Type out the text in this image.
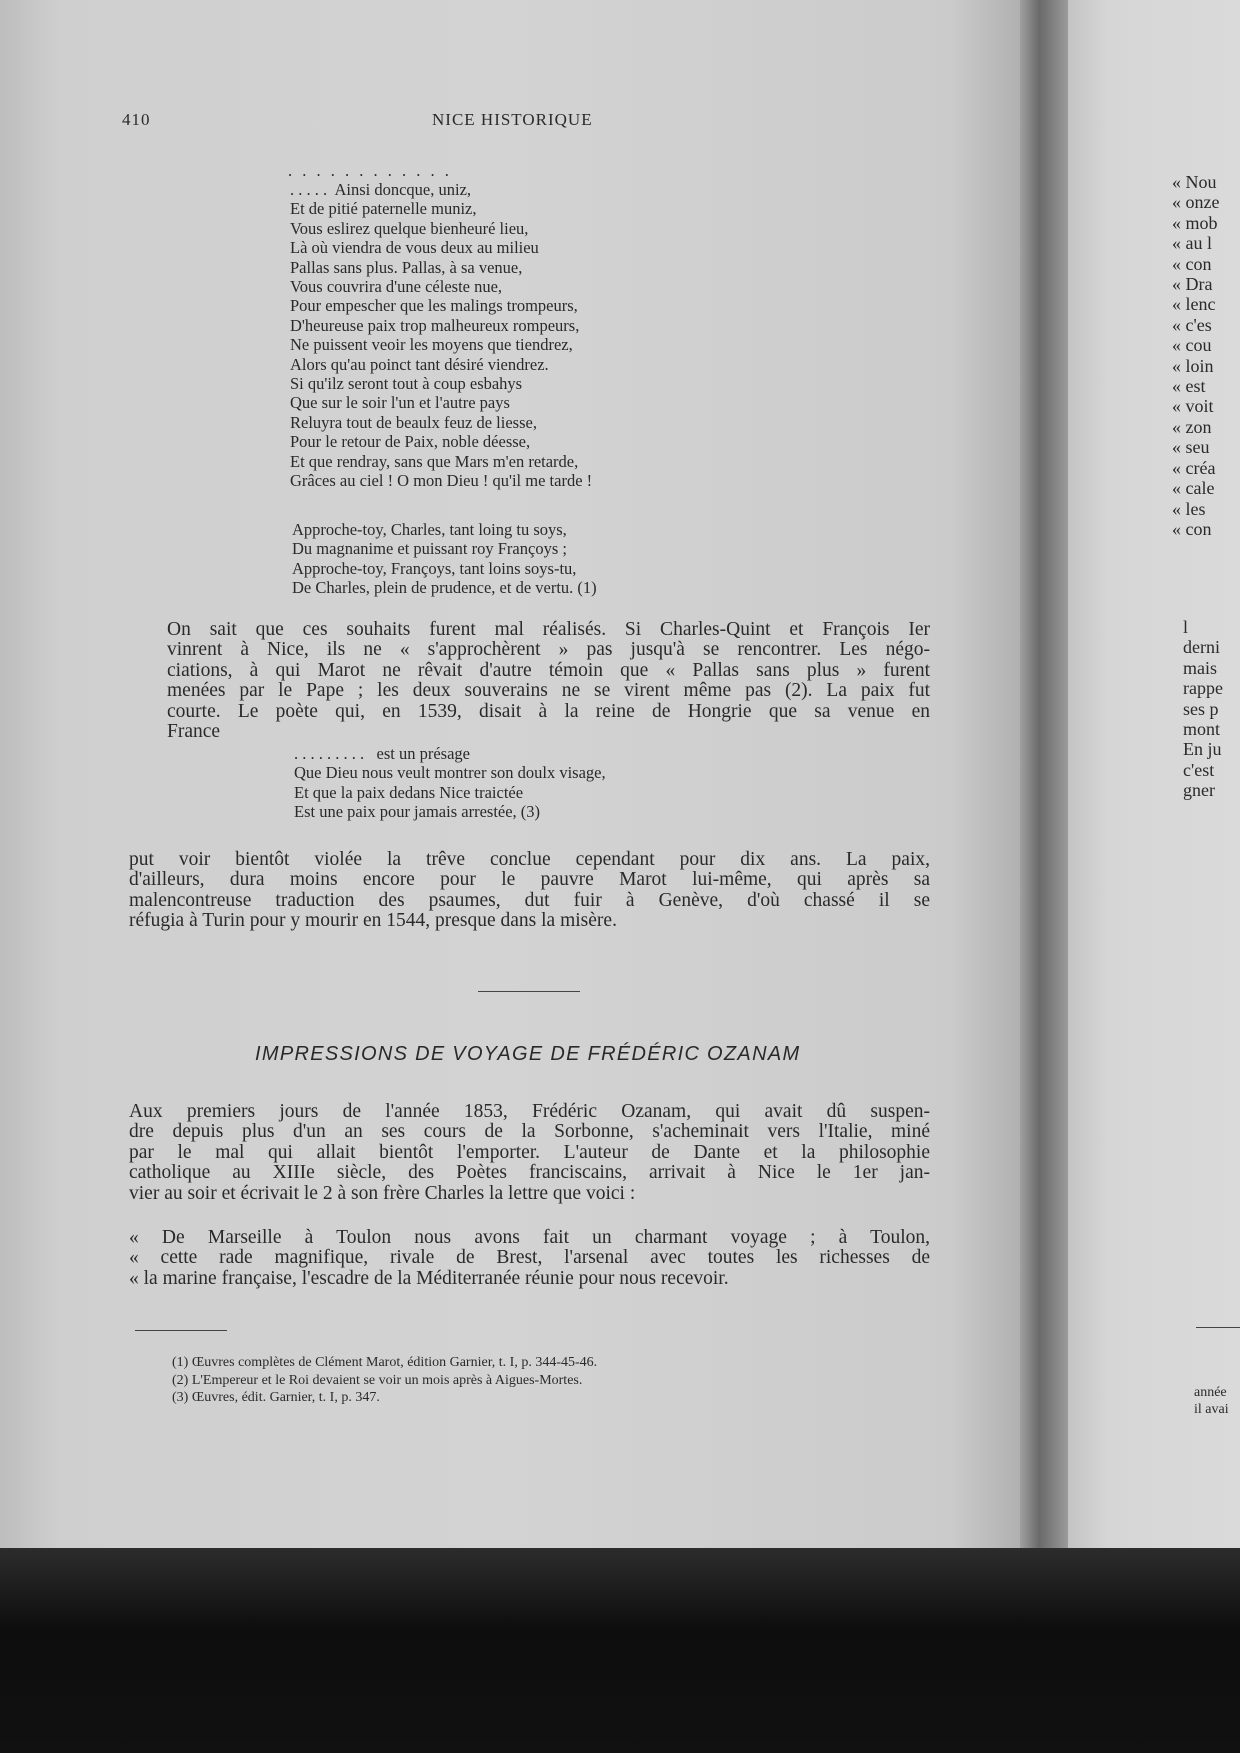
410	NICE HISTORIQUE
. . . . . . . . . . . .
. . . . .  Ainsi doncque, uniz,
Et de pitié paternelle muniz,
Vous eslirez quelque bienheuré lieu,
Là où viendra de vous deux au milieu
Pallas sans plus. Pallas, à sa venue,
Vous couvrira d'une céleste nue,
Pour empescher que les malings trompeurs,
D'heureuse paix trop malheureux rompeurs,
Ne puissent veoir les moyens que tiendrez,
Alors qu'au poinct tant désiré viendrez.
Si qu'ilz seront tout à coup esbahys
Que sur le soir l'un et l'autre pays
Reluyra tout de beaulx feuz de liesse,
Pour le retour de Paix, noble déesse,
Et que rendray, sans que Mars m'en retarde,
Grâces au ciel ! O mon Dieu ! qu'il me tarde !
Approche-toy, Charles, tant loing tu soys,
Du magnanime et puissant roy Françoys ;
Approche-toy, Françoys, tant loins soys-tu,
De Charles, plein de prudence, et de vertu. (1)
On sait que ces souhaits furent mal réalisés. Si Charles-Quint et François Ier
vinrent à Nice, ils ne « s'approchèrent » pas jusqu'à se rencontrer. Les négo-
ciations, à qui Marot ne rêvait d'autre témoin que « Pallas sans plus » furent
menées par le Pape ; les deux souverains ne se virent même pas (2). La paix fut
courte. Le poète qui, en 1539, disait à la reine de Hongrie que sa venue en
France
. . . . . . . . .   est un présage
Que Dieu nous veult montrer son doulx visage,
Et que la paix dedans Nice traictée
Est une paix pour jamais arrestée, (3)
put voir bientôt violée la trêve conclue cependant pour dix ans. La paix,
d'ailleurs, dura moins encore pour le pauvre Marot lui-même, qui après sa
malencontreuse traduction des psaumes, dut fuir à Genève, d'où chassé il se
réfugia à Turin pour y mourir en 1544, presque dans la misère.
IMPRESSIONS DE VOYAGE DE FRÉDÉRIC OZANAM
Aux premiers jours de l'année 1853, Frédéric Ozanam, qui avait dû suspen-
dre depuis plus d'un an ses cours de la Sorbonne, s'acheminait vers l'Italie, miné
par le mal qui allait bientôt l'emporter. L'auteur de Dante et la philosophie
catholique au XIIIe siècle, des Poètes franciscains, arrivait à Nice le 1er jan-
vier au soir et écrivait le 2 à son frère Charles la lettre que voici :
« De Marseille à Toulon nous avons fait un charmant voyage ; à Toulon,
« cette rade magnifique, rivale de Brest, l'arsenal avec toutes les richesses de
« la marine française, l'escadre de la Méditerranée réunie pour nous recevoir.
(1) Œuvres complètes de Clément Marot, édition Garnier, t. I, p. 344-45-46.
(2) L'Empereur et le Roi devaient se voir un mois après à Aigues-Mortes.
(3) Œuvres, édit. Garnier, t. I, p. 347.
« Nou
« onze
« mob
« au l
« con
« Dra
« lenc
« c'es
« cou
« loin
« est
« voit
« zon
« seu
« créa
« cale
« les
« con
l
derni
mais
rappe
ses p
mont
En ju
c'est
gner
année
il avai
